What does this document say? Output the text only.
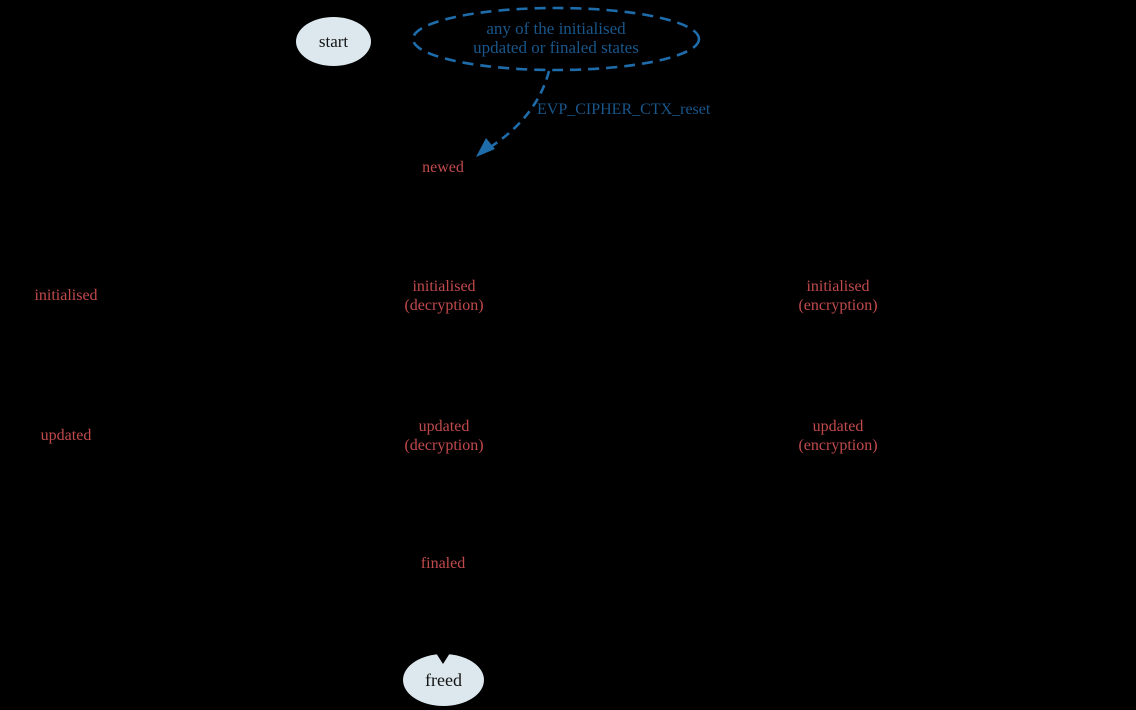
start
freed
any of the initialised
updated or finaled states
EVP_CIPHER_CTX_reset
newed
initialised
initialised
(decryption)
initialised
(encryption)
updated
updated
(decryption)
updated
(encryption)
finaled
